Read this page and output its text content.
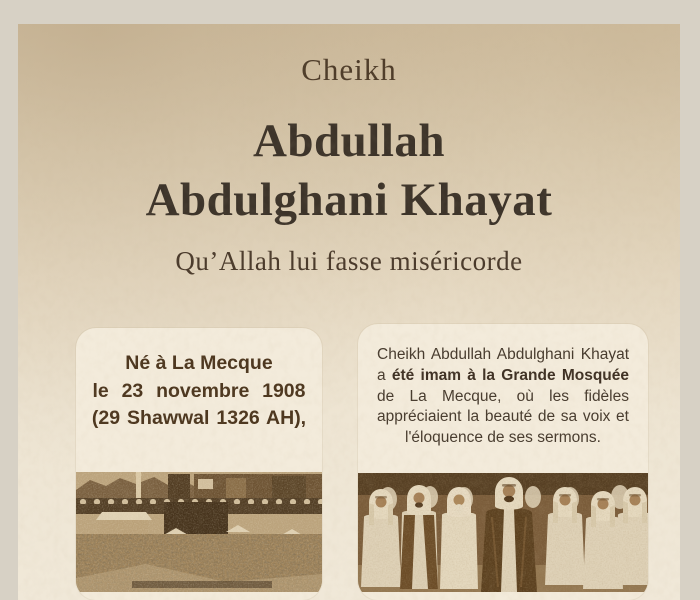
Cheikh
Abdullah
Abdulghani Khayat
Qu’Allah lui fasse miséricorde
Né à La Mecque
le 23 novembre 1908
(29 Shawwal 1326 AH),

Cheikh Abdullah Abdulghani Khayat a été imam à la Grande Mosquée de La Mecque, où les fidèles appréciaient la beauté de sa voix et l'éloquence de ses sermons.
